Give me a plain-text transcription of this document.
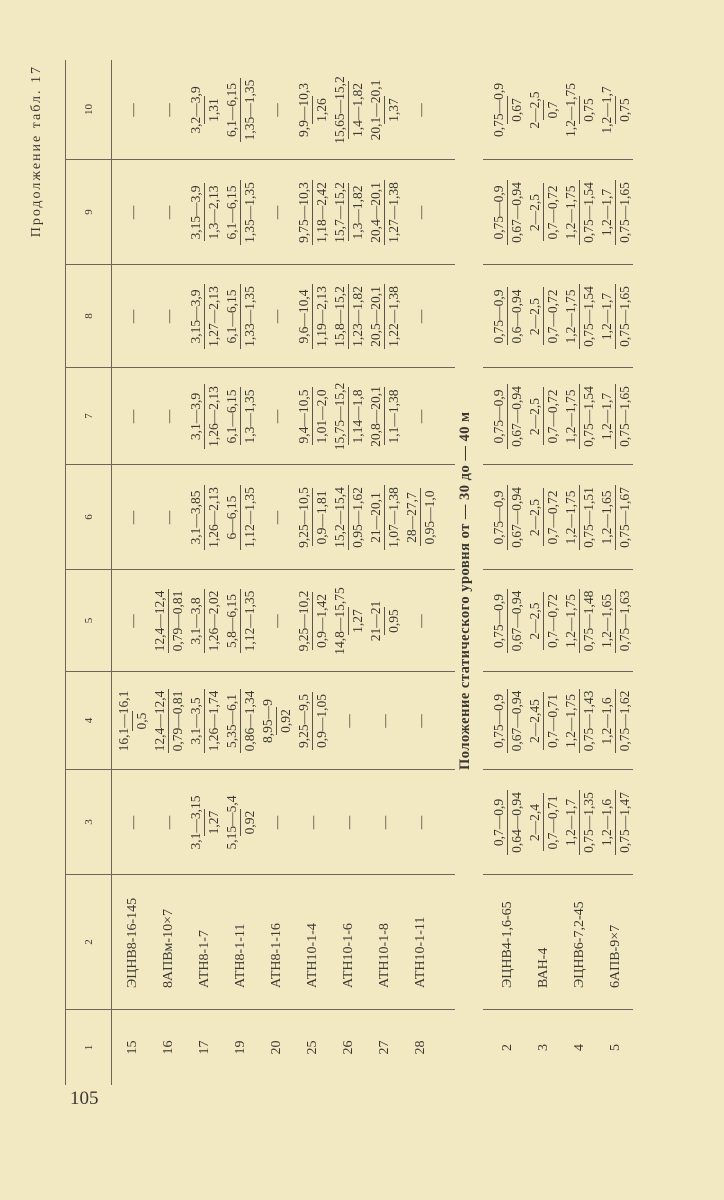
Продолжение табл. 17
1
2
3
4
5
6
7
8
9
10
15
ЭЦНВ8-16-145
—
16,1—16,1 0,5
—
—
—
—
—
—
16
8АПВм-10×7
—
12,4—12,4 0,79—0,81
12,4—12,4 0,79—0,81
—
—
—
—
—
17
АТН8-1-7
3,1—3,15 1,27
3,1—3,5 1,26—1,74
3,1—3,8 1,26—2,02
3,1—3,85 1,26—2,13
3,1—3,9 1,26—2,13
3,15—3,9 1,27—2,13
3,15—3,9 1,3—2,13
3,2—3,9 1,31
19
АТН8-1-11
5,15—5,4 0,92
5,35—6,1 0,86—1,34
5,8—6,15 1,12—1,35
6—6,15 1,12—1,35
6,1—6,15 1,3—1,35
6,1—6,15 1,33—1,35
6,1—6,15 1,35—1,35
6,1—6,15 1,35—1,35
20
АТН8-1-16
—
8,95—9 0,92
—
—
—
—
—
—
25
АТН10-1-4
—
9,25—9,5 0,9—1,05
9,25—10,2 0,9—1,42
9,25—10,5 0,9—1,81
9,4—10,5 1,01—2,0
9,6—10,4 1,19—2,13
9,75—10,3 1,18—2,42
9,9—10,3 1,26
26
АТН10-1-6
—
—
14,8—15,75 1,27
15,2—15,4 0,95—1,62
15,75—15,2 1,14—1,8
15,8—15,2 1,23—1,82
15,7—15,2 1,3—1,82
15,65—15,2 1,4—1,82
27
АТН10-1-8
—
—
21—21 0,95
21—20,1 1,07—1,38
20,8—20,1 1,1—1,38
20,5—20,1 1,22—1,38
20,4—20,1 1,27—1,38
20,1—20,1 1,37
28
АТН10-1-11
—
—
—
28—27,7 0,95—1,0
—
—
—
—
Положение статического уровня от — 30 до — 40 м
2
ЭЦНВ4-1,6-65
0,7—0,9 0,64—0,94
0,75—0,9 0,67—0,94
0,75—0,9 0,67—0,94
0,75—0,9 0,67—0,94
0,75—0,9 0,67—0,94
0,75—0,9 0,6—0,94
0,75—0,9 0,67—0,94
0,75—0,9 0,67
3
ВАН-4
2—2,4 0,7—0,71
2—2,45 0,7—0,71
2—2,5 0,7—0,72
2—2,5 0,7—0,72
2—2,5 0,7—0,72
2—2,5 0,7—0,72
2—2,5 0,7—0,72
2—2,5 0,7
4
ЭЦНВ6-7,2-45
1,2—1,7 0,75—1,35
1,2—1,75 0,75—1,43
1,2—1,75 0,75—1,48
1,2—1,75 0,75—1,51
1,2—1,75 0,75—1,54
1,2—1,75 0,75—1,54
1,2—1,75 0,75—1,54
1,2—1,75 0,75
5
6АПВ-9×7
1,2—1,6 0,75—1,47
1,2—1,6 0,75—1,62
1,2—1,65 0,75—1,63
1,2—1,65 0,75—1,67
1,2—1,7 0,75—1,65
1,2—1,7 0,75—1,65
1,2—1,7 0,75—1,65
1,2—1,7 0,75
105
